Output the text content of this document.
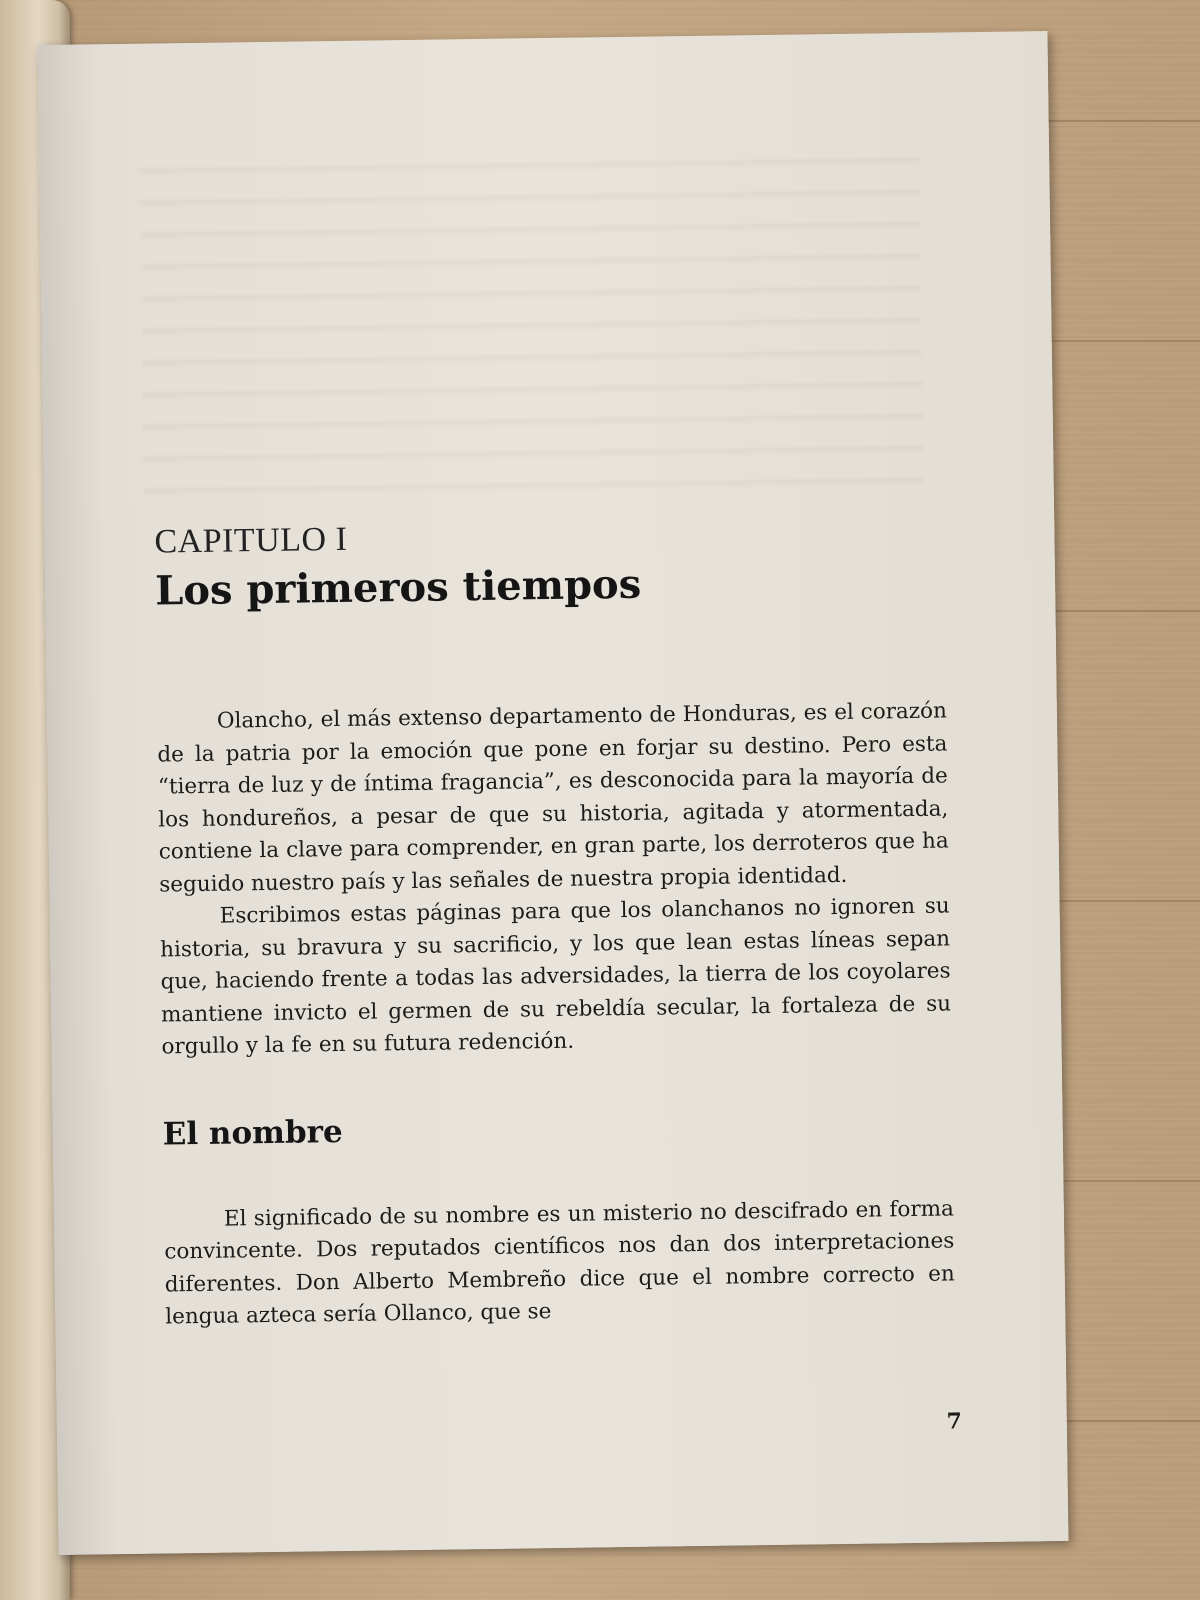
CAPITULO I
Los primeros tiempos

Olancho, el más extenso departamento de Honduras, es el corazón de la patria por la emoción que pone en forjar su destino. Pero esta “tierra de luz y de íntima fragancia”, es desconocida para la mayoría de los hondureños, a pesar de que su historia, agitada y atormentada, contiene la clave para comprender, en gran parte, los derroteros que ha seguido nuestro país y las señales de nuestra propia identidad.

Escribimos estas páginas para que los olanchanos no ignoren su historia, su bravura y su sacrificio, y los que lean estas líneas sepan que, haciendo frente a todas las adversidades, la tierra de los coyolares mantiene invicto el germen de su rebeldía secular, la fortaleza de su orgullo y la fe en su futura redención.

El nombre

El significado de su nombre es un misterio no descifrado en forma convincente. Dos reputados científicos nos dan dos interpretaciones diferentes. Don Alberto Membreño dice que el nombre correcto en lengua azteca sería Ollanco, que se

7
